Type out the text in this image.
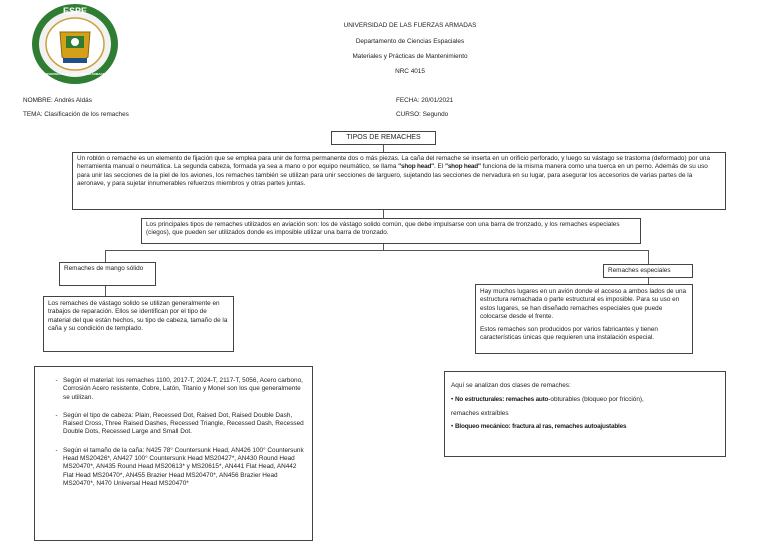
ESPE
UNIVERSIDAD DE LAS FUERZAS ARMADAS
UNIVERSIDAD DE LAS FUERZAS ARMADAS
Departamento de Ciencias Espaciales
Materiales y Prácticas de Mantenimiento
NRC 4015
NOMBRE: Andrés Aldás
TEMA: Clasificación de los remaches
FECHA: 20/01/2021
CURSO: Segundo
TIPOS DE REMACHES
Un roblón o remache es un elemento de fijación que se emplea para unir de forma permanente dos o más piezas. La caña del remache se inserta en un orificio perforado, y luego su vástago se trastorna (deformado) por una herramienta manual o neumática. La segunda cabeza, formada ya sea a mano o por equipo neumático, se llama "shop head". El "shop head" funciona de la misma manera como una tuerca en un perno. Además de su uso para unir las secciones de la piel de los aviones, los remaches también se utilizan para unir secciones de larguero, sujetando las secciones de nervadura en su lugar, para asegurar los accesorios de varias partes de la aeronave, y para sujetar innumerables refuerzos miembros y otras partes juntas.
Los principales tipos de remaches utilizados en aviación son: los de vástago solido común, que debe impulsarse con una barra de tronzado, y los remaches especiales (ciegos), que pueden ser utilizados donde es imposible utilizar una barra de tronzado.
Remaches de mango sólido
Los remaches de vástago solido se utilizan generalmente en trabajos de reparación. Ellos se identifican por el tipo de material del que están hechos, su tipo de cabeza, tamaño de la caña y su condición de templado.
- Según el material: los remaches 1100, 2017-T, 2024-T, 2117-T, 5056, Acero carbono, Corrosión Acero resistente, Cobre, Latón, Titanio y Monel son los que generalmente se utilizan.
- Según el tipo de cabeza: Plain, Recessed Dot, Raised Dot, Raised Double Dash, Raised Cross, Three Raised Dashes, Recessed Triangle, Recessed Dash, Recessed Double Dots, Recessed Large and Small Dot.
- Según el tamaño de la caña: N425 78° Countersunk Head, AN426 100° Countersunk Head MS20426*, AN427 100° Countersunk Head MS20427*, AN430 Round Head MS20470*, AN435 Round Head MS20613* y MS20615*, AN441 Flat Head, AN442 Flat Head MS20470*, AN455 Brazier Head MS20470*, AN456 Brazier Head MS20470*, N470 Universal Head MS20470*
Remaches especiales
Hay muchos lugares en un avión donde el acceso a ambos lados de una estructura remachada o parte estructural es imposible. Para su uso en estos lugares, se han diseñado remaches especiales que puede colocarse desde el frente.
Estos remaches son producidos por varios fabricantes y tienen características únicas que requieren una instalación especial.
Aquí se analizan dos clases de remaches:
• No estructurales: remaches auto-obturables (bloqueo por fricción),
remaches extraíbles
• Bloqueo mecánico: fractura al ras, remaches autoajustables
